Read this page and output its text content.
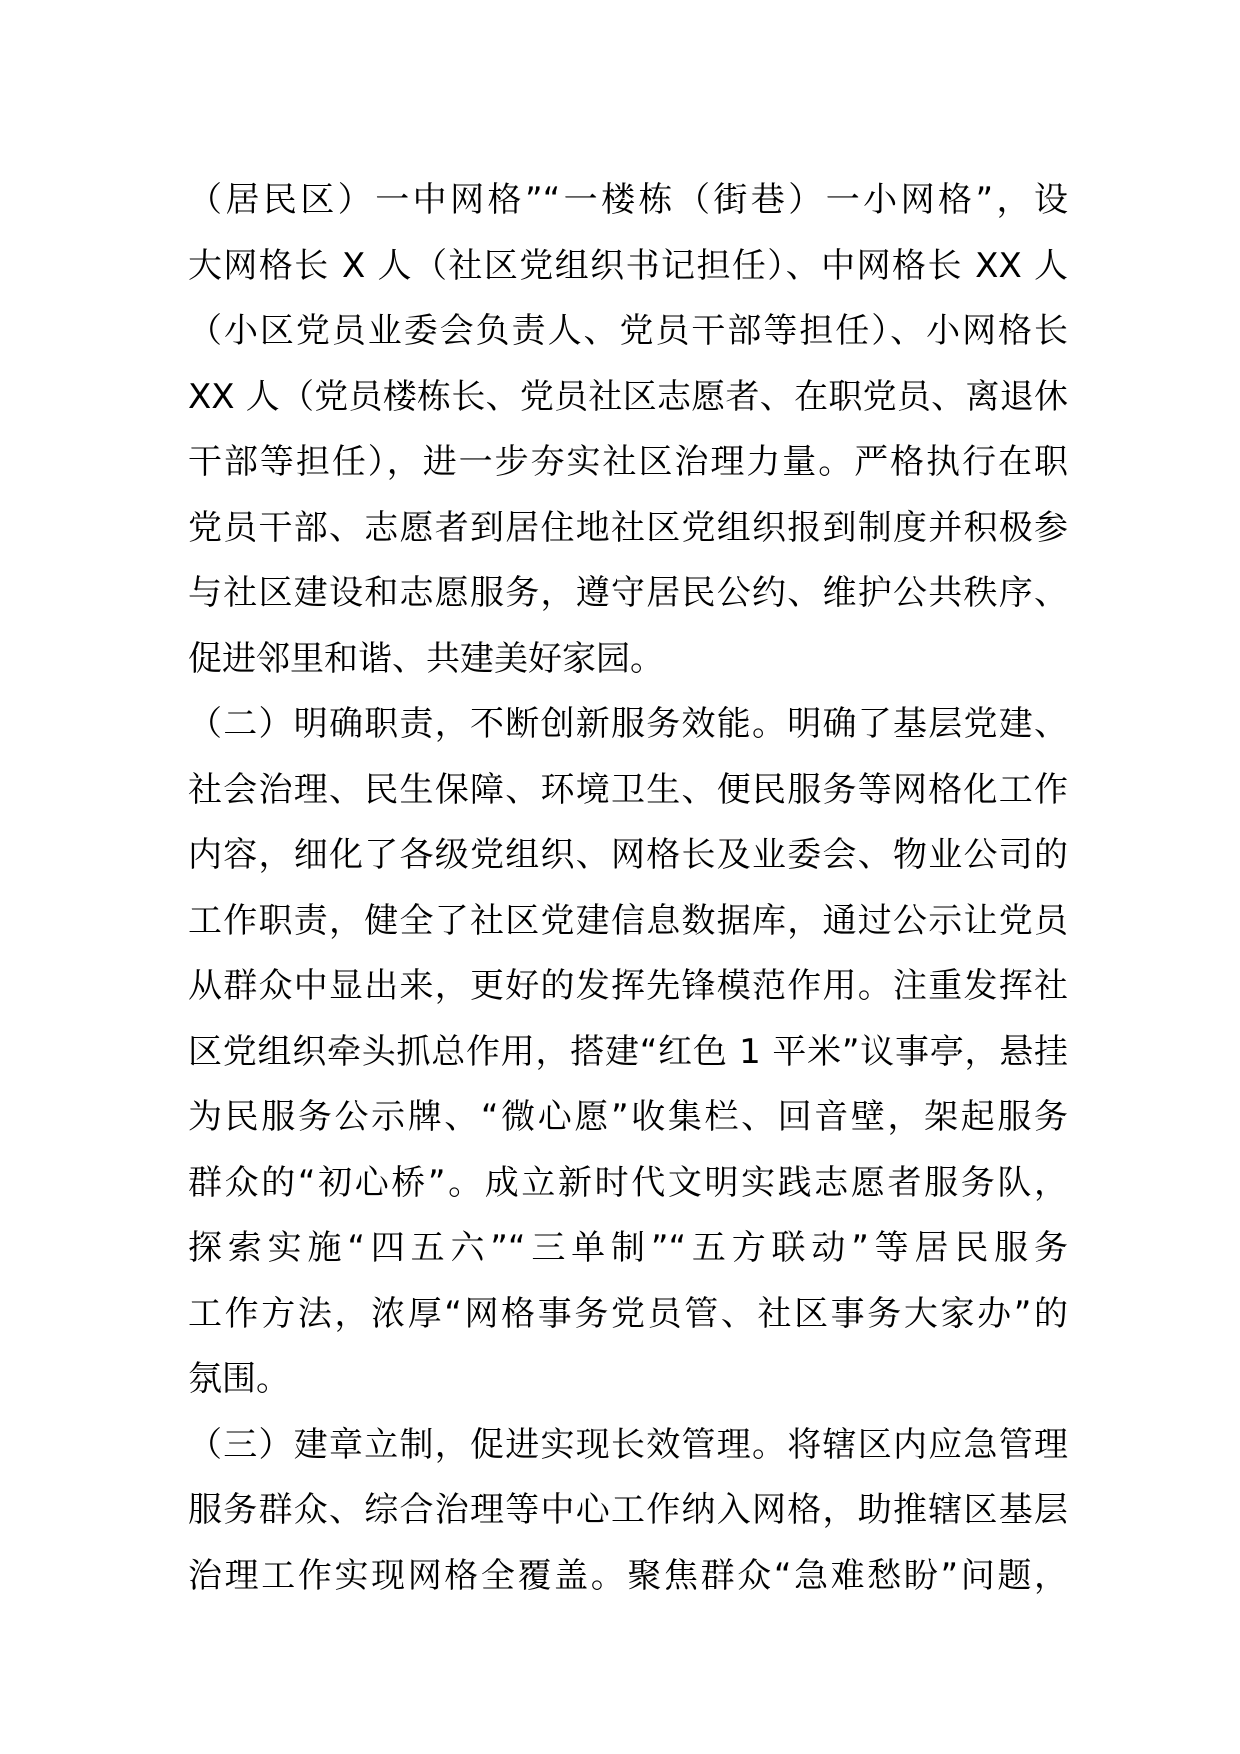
（居民区）一中网格”“一楼栋（街巷）一小网格”，设
大网格长 X 人（社区党组织书记担任）、中网格长 XX 人
（小区党员业委会负责人、党员干部等担任）、小网格长
XX 人（党员楼栋长、党员社区志愿者、在职党员、离退休
干部等担任），进一步夯实社区治理力量。严格执行在职
党员干部、志愿者到居住地社区党组织报到制度并积极参
与社区建设和志愿服务，遵守居民公约、维护公共秩序、
促进邻里和谐、共建美好家园。
（二）明确职责，不断创新服务效能。明确了基层党建、
社会治理、民生保障、环境卫生、便民服务等网格化工作
内容，细化了各级党组织、网格长及业委会、物业公司的
工作职责，健全了社区党建信息数据库，通过公示让党员
从群众中显出来，更好的发挥先锋模范作用。注重发挥社
区党组织牵头抓总作用，搭建“红色 1 平米”议事亭，悬挂
为民服务公示牌、“微心愿”收集栏、回音壁，架起服务
群众的“初心桥”。成立新时代文明实践志愿者服务队，
探索实施“四五六”“三单制”“五方联动”等居民服务
工作方法，浓厚“网格事务党员管、社区事务大家办”的
氛围。
（三）建章立制，促进实现长效管理。将辖区内应急管理
服务群众、综合治理等中心工作纳入网格，助推辖区基层
治理工作实现网格全覆盖。聚焦群众“急难愁盼”问题，
